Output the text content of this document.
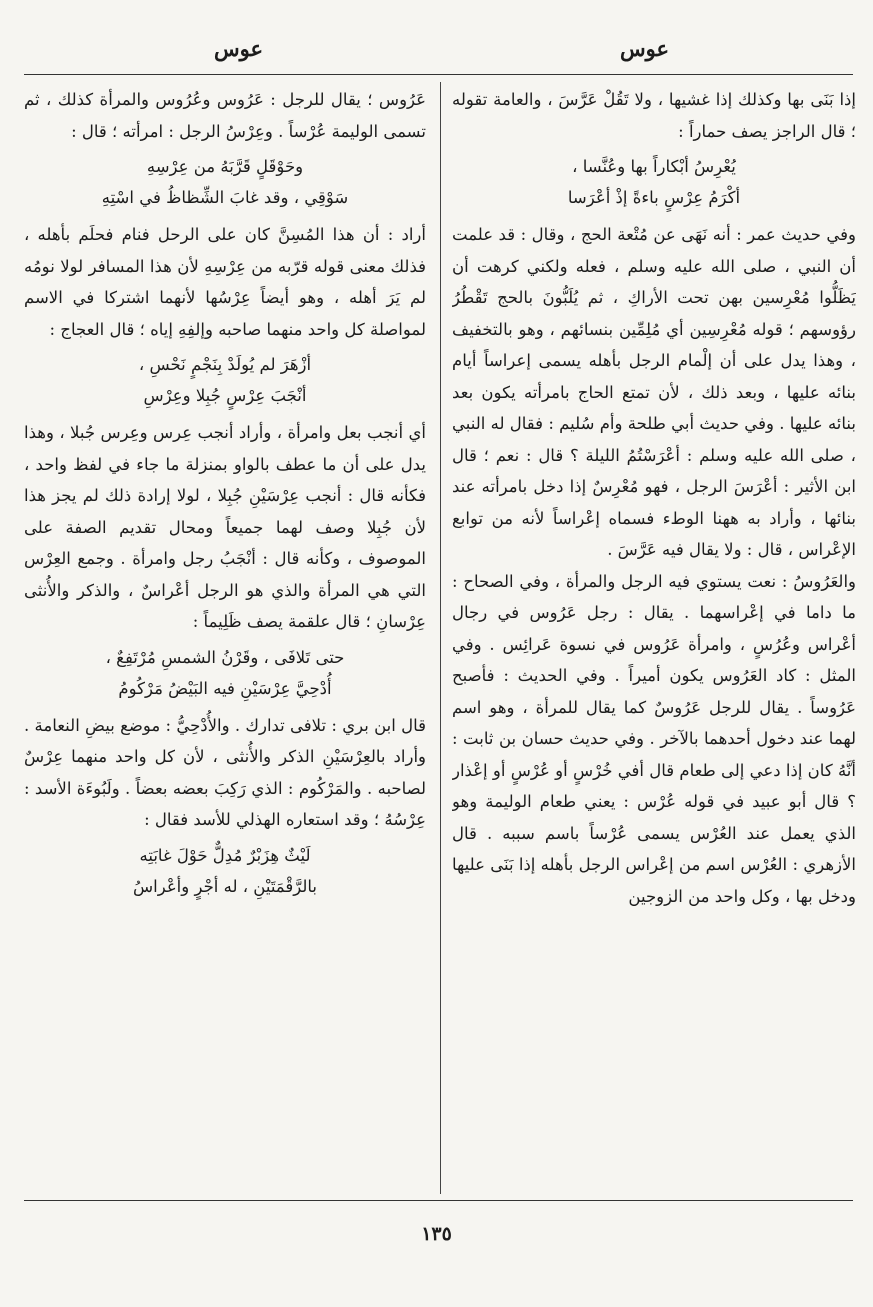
عوس	عوس

إذا بَنَى بها وكذلك إذا غشيها ، ولا تَقُلْ عَرَّسَ ، والعامة تقوله ؛ قال الراجز يصف حماراً :

يُعْرِسُ أبْكاراً بها وعُنَّسا ،
أكْرَمُ عِرْسٍ باءةً إذْ أعْرَسا

وفي حديث عمر : أنه نَهَى عن مُتْعة الحج ، وقال : قد علمت أن النبي ، صلى الله عليه وسلم ، فعله ولكني كرهت أن يَظَلُّوا مُعْرِسين بهن تحت الأراكِ ، ثم يُلَبُّونَ بالحج تَقْطُرُ رؤوسهم ؛ قوله مُعْرِسِين أي مُلِمِّين بنسائهم ، وهو بالتخفيف ، وهذا يدل على أن إلْمام الرجل بأهله يسمى إعراساً أيام بنائه عليها ، وبعد ذلك ، لأن تمتع الحاج بامرأته يكون بعد بنائه عليها . وفي حديث أبي طلحة وأم سُليم : فقال له النبي ، صلى الله عليه وسلم : أعْرَسْتُمُ الليلة ؟ قال : نعم ؛ قال ابن الأثير : أعْرَسَ الرجل ، فهو مُعْرِسٌ إذا دخل بامرأته عند بنائها ، وأراد به ههنا الوطء فسماه إعْراساً لأنه من توابع الإعْراس ، قال : ولا يقال فيه عَرَّسَ .

والعَرُوسُ : نعت يستوي فيه الرجل والمرأة ، وفي الصحاح : ما داما في إعْراسهما . يقال : رجل عَرُوس في رجال أعْراس وعُرُسٍ ، وامرأة عَرُوس في نسوة عَرائِس . وفي المثل : كاد العَرُوس يكون أميراً . وفي الحديث : فأصبح عَرُوساً . يقال للرجل عَرُوسٌ كما يقال للمرأة ، وهو اسم لهما عند دخول أحدهما بالآخر . وفي حديث حسان بن ثابت : أنَّهُ كان إذا دعي إلى طعام قال أفي خُرْسٍ أو عُرْسٍ أو إعْذار ؟ قال أبو عبيد في قوله عُرْس : يعني طعام الوليمة وهو الذي يعمل عند العُرْس يسمى عُرْساً باسم سببه . قال الأزهري : العُرْس اسم من إعْراس الرجل بأهله إذا بَنَى عليها ودخل بها ، وكل واحد من الزوجين

عَرُوس ؛ يقال للرجل : عَرُوس وعُرُوس والمرأة كذلك ، ثم تسمى الوليمة عُرْساً . وعِرْسُ الرجل : امرأته ؛ قال :

وحَوْقَلٍ قَرَّبَهُ من عِرْسِهِ
سَوْقِي ، وقد غابَ الشِّظاظُ في اسْتِهِ

أراد : أن هذا المُسِنَّ كان على الرحل فنام فحلَم بأهله ، فذلك معنى قوله قرّبه من عِرْسِهِ لأن هذا المسافر لولا نومُه لم يَرَ أهله ، وهو أيضاً عِرْسُها لأنهما اشتركا في الاسم لمواصلة كل واحد منهما صاحبه وإلفِهِ إياه ؛ قال العجاج :

أزْهَرَ لم يُولَدْ بِنَجْمٍ نَحْسِ ،
أنْجَبَ عِرْسٍ جُبِلا وعِرْسِ

أي أنجب بعل وامرأة ، وأراد أنجب عِرس وعِرس جُبلا ، وهذا يدل على أن ما عطف بالواو بمنزلة ما جاء في لفظ واحد ، فكأنه قال : أنجب عِرْسَيْنِ جُبِلا ، لولا إرادة ذلك لم يجز هذا لأن جُبِلا وصف لهما جميعاً ومحال تقديم الصفة على الموصوف ، وكأنه قال : أنْجَبُ رجل وامرأة . وجمع العِرْس التي هي المرأة والذي هو الرجل أعْراسٌ ، والذكر والأُنثى عِرْسانِ ؛ قال علقمة يصف ظَلِيماً :

حتى تَلافَى ، وقَرْنُ الشمسِ مُرْتَفِعٌ ،
أُدْحِيَّ عِرْسَيْنِ فيه البَيْضُ مَرْكُومُ

قال ابن بري : تلافى تدارك . والأُدْحِيُّ : موضع بيضِ النعامة . وأراد بالعِرْسَيْنِ الذكر والأُنثى ، لأن كل واحد منهما عِرْسٌ لصاحبه . والمَرْكُوم : الذي رَكِبَ بعضه بعضاً . ولَبُوءَة الأسد : عِرْسُهُ ؛ وقد استعاره الهذلي للأسد فقال :

لَيْثٌ هِزَبْرٌ مُدِلٌّ حَوْلَ غابَتِه
بالرَّقْمَتَيْنِ ، له أجْرٍ وأعْراسُ
١٣٥
